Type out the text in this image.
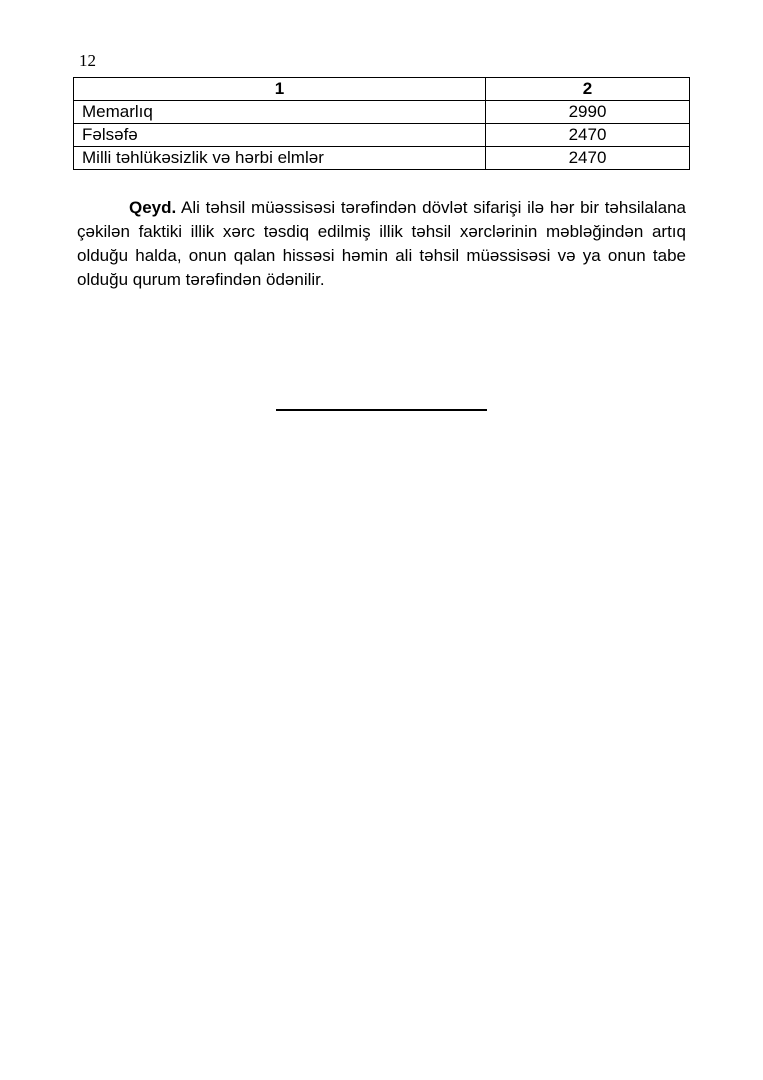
12
1	2
Memarlıq	2990
Fəlsəfə	2470
Milli təhlükəsizlik və hərbi elmlər	2470

Qeyd. Ali təhsil müəssisəsi tərəfindən dövlət sifarişi ilə hər bir təhsilalana çəkilən faktiki illik xərc təsdiq edilmiş illik təhsil xərclərinin məbləğindən artıq olduğu halda, onun qalan hissəsi həmin ali təhsil müəssisəsi və ya onun tabe olduğu qurum tərəfindən ödənilir.
